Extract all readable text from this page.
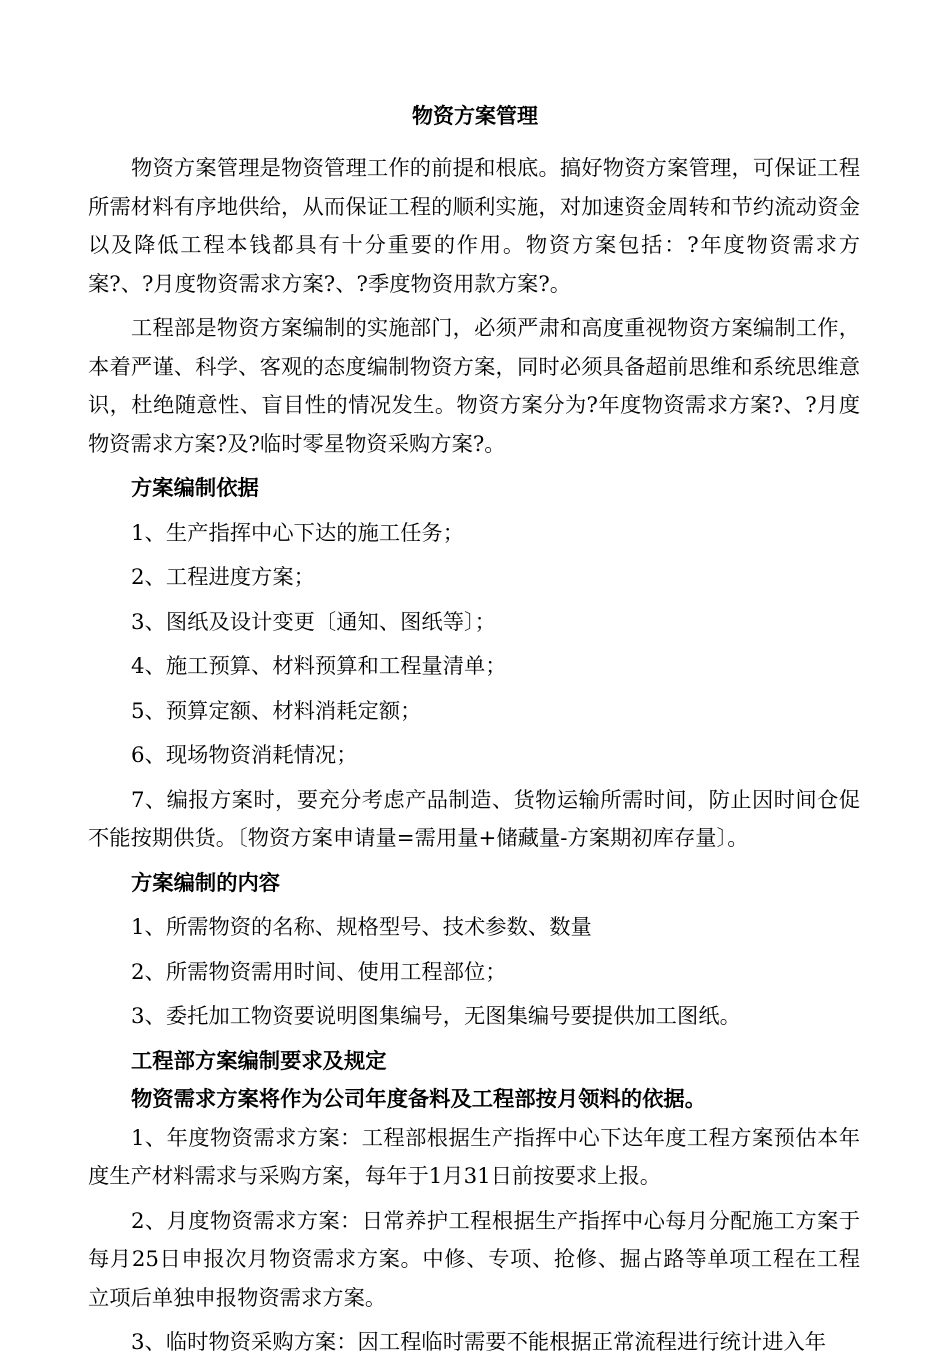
物资方案管理

物资方案管理是物资管理工作的前提和根底。搞好物资方案管理，可保证工程所需材料有序地供给，从而保证工程的顺利实施，对加速资金周转和节约流动资金以及降低工程本钱都具有十分重要的作用。物资方案包括：?年度物资需求方案?、?月度物资需求方案?、?季度物资用款方案?。

工程部是物资方案编制的实施部门，必须严肃和高度重视物资方案编制工作，本着严谨、科学、客观的态度编制物资方案，同时必须具备超前思维和系统思维意识，杜绝随意性、盲目性的情况发生。物资方案分为?年度物资需求方案?、?月度物资需求方案?及?临时零星物资采购方案?。

方案编制依据

1、生产指挥中心下达的施工任务；

2、工程进度方案；

3、图纸及设计变更〔通知、图纸等〕；

4、施工预算、材料预算和工程量清单；

5、预算定额、材料消耗定额；

6、现场物资消耗情况；

7、编报方案时，要充分考虑产品制造、货物运输所需时间，防止因时间仓促不能按期供货。〔物资方案申请量=需用量+储藏量-方案期初库存量〕。

方案编制的内容

1、所需物资的名称、规格型号、技术参数、数量

2、所需物资需用时间、使用工程部位；

3、委托加工物资要说明图集编号，无图集编号要提供加工图纸。

工程部方案编制要求及规定

物资需求方案将作为公司年度备料及工程部按月领料的依据。

1、年度物资需求方案：工程部根据生产指挥中心下达年度工程方案预估本年度生产材料需求与采购方案，每年于1月31日前按要求上报。

2、月度物资需求方案：日常养护工程根据生产指挥中心每月分配施工方案于每月25日申报次月物资需求方案。中修、专项、抢修、掘占路等单项工程在工程立项后单独申报物资需求方案。

3、临时物资采购方案：因工程临时需要不能根据正常流程进行统计进入年
